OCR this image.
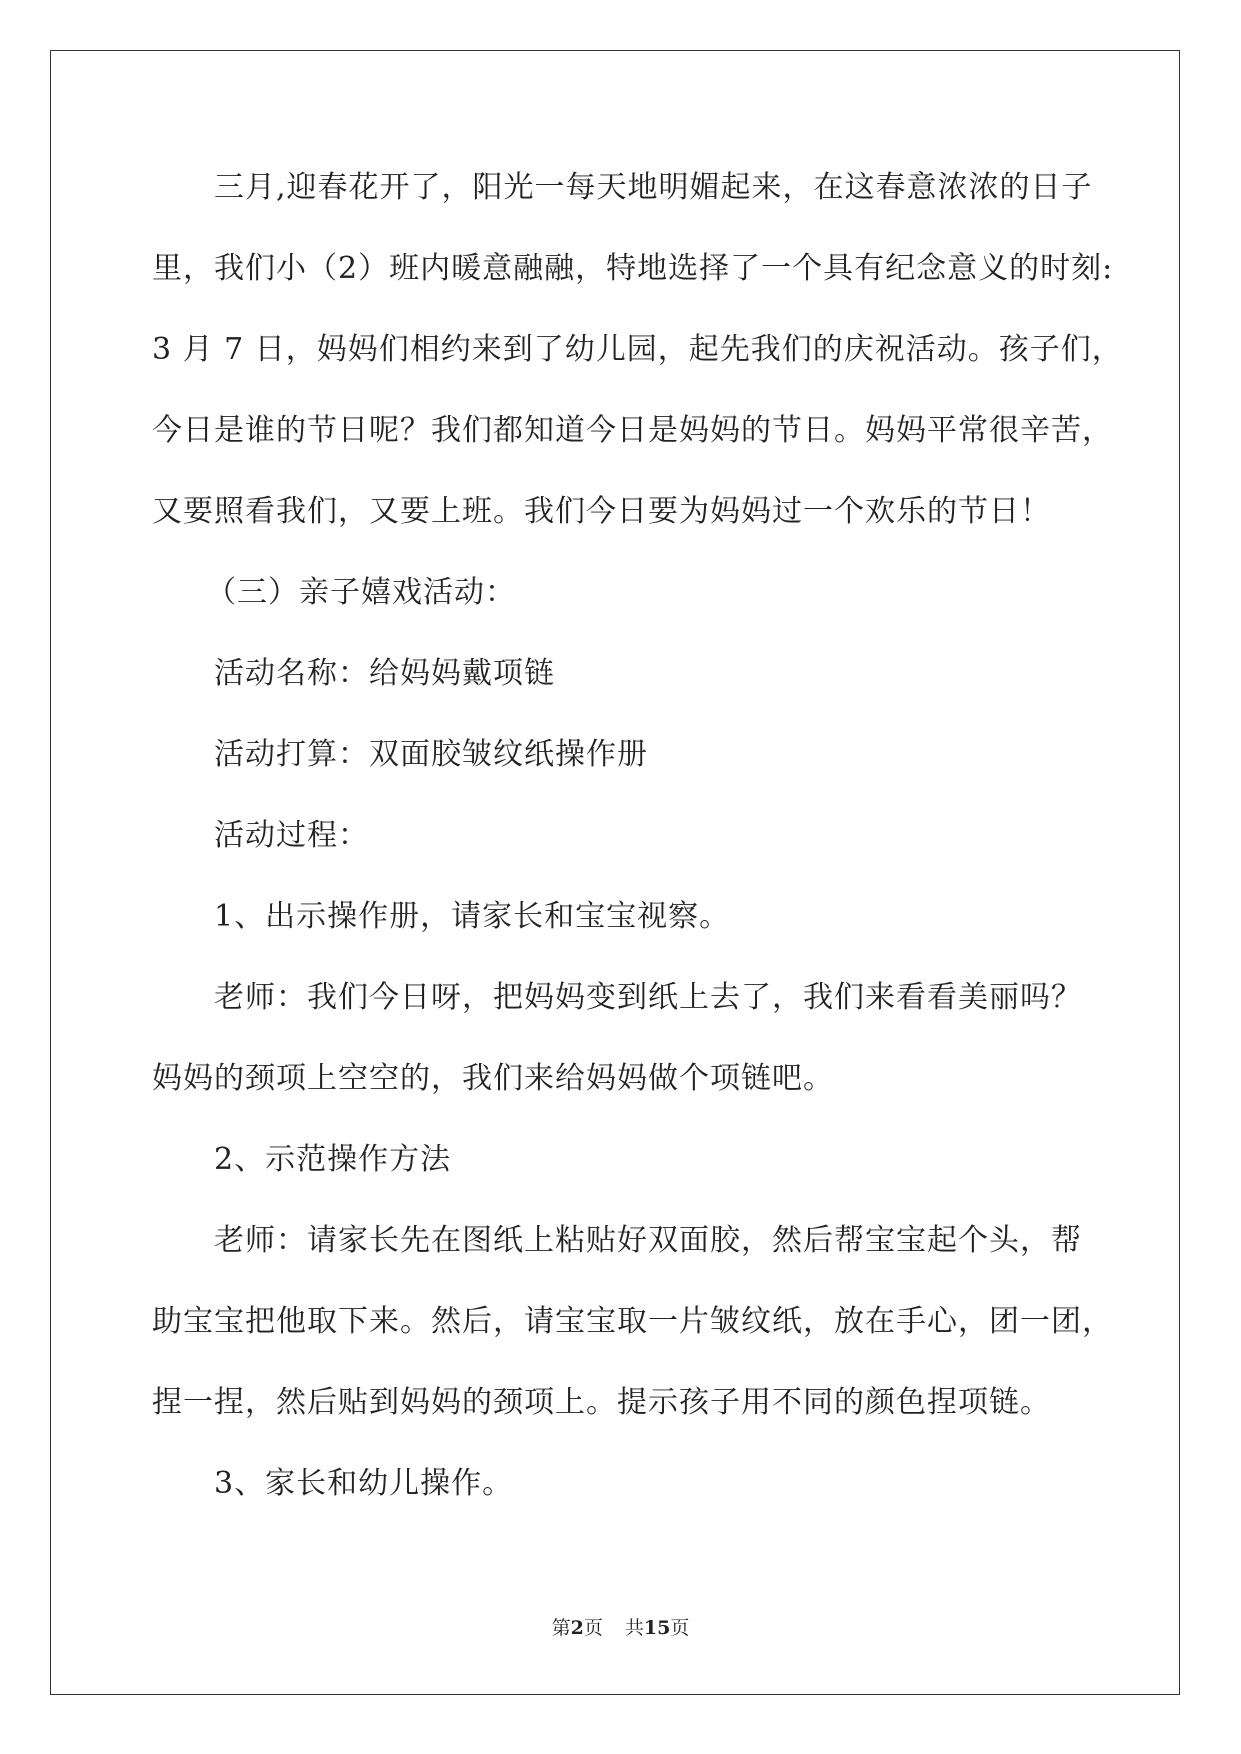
三月,迎春花开了，阳光一每天地明媚起来，在这春意浓浓的日子
里，我们小（2）班内暖意融融，特地选择了一个具有纪念意义的时刻:
3 月 7 日，妈妈们相约来到了幼儿园，起先我们的庆祝活动。孩子们，
今日是谁的节日呢？我们都知道今日是妈妈的节日。妈妈平常很辛苦，
又要照看我们，又要上班。我们今日要为妈妈过一个欢乐的节日！
（三）亲子嬉戏活动：
活动名称：给妈妈戴项链
活动打算：双面胶皱纹纸操作册
活动过程：
1、出示操作册，请家长和宝宝视察。
老师：我们今日呀，把妈妈变到纸上去了，我们来看看美丽吗？
妈妈的颈项上空空的，我们来给妈妈做个项链吧。
2、示范操作方法
老师：请家长先在图纸上粘贴好双面胶，然后帮宝宝起个头，帮
助宝宝把他取下来。然后，请宝宝取一片皱纹纸，放在手心，团一团，
捏一捏，然后贴到妈妈的颈项上。提示孩子用不同的颜色捏项链。
3、家长和幼儿操作。
第2页 共15页
